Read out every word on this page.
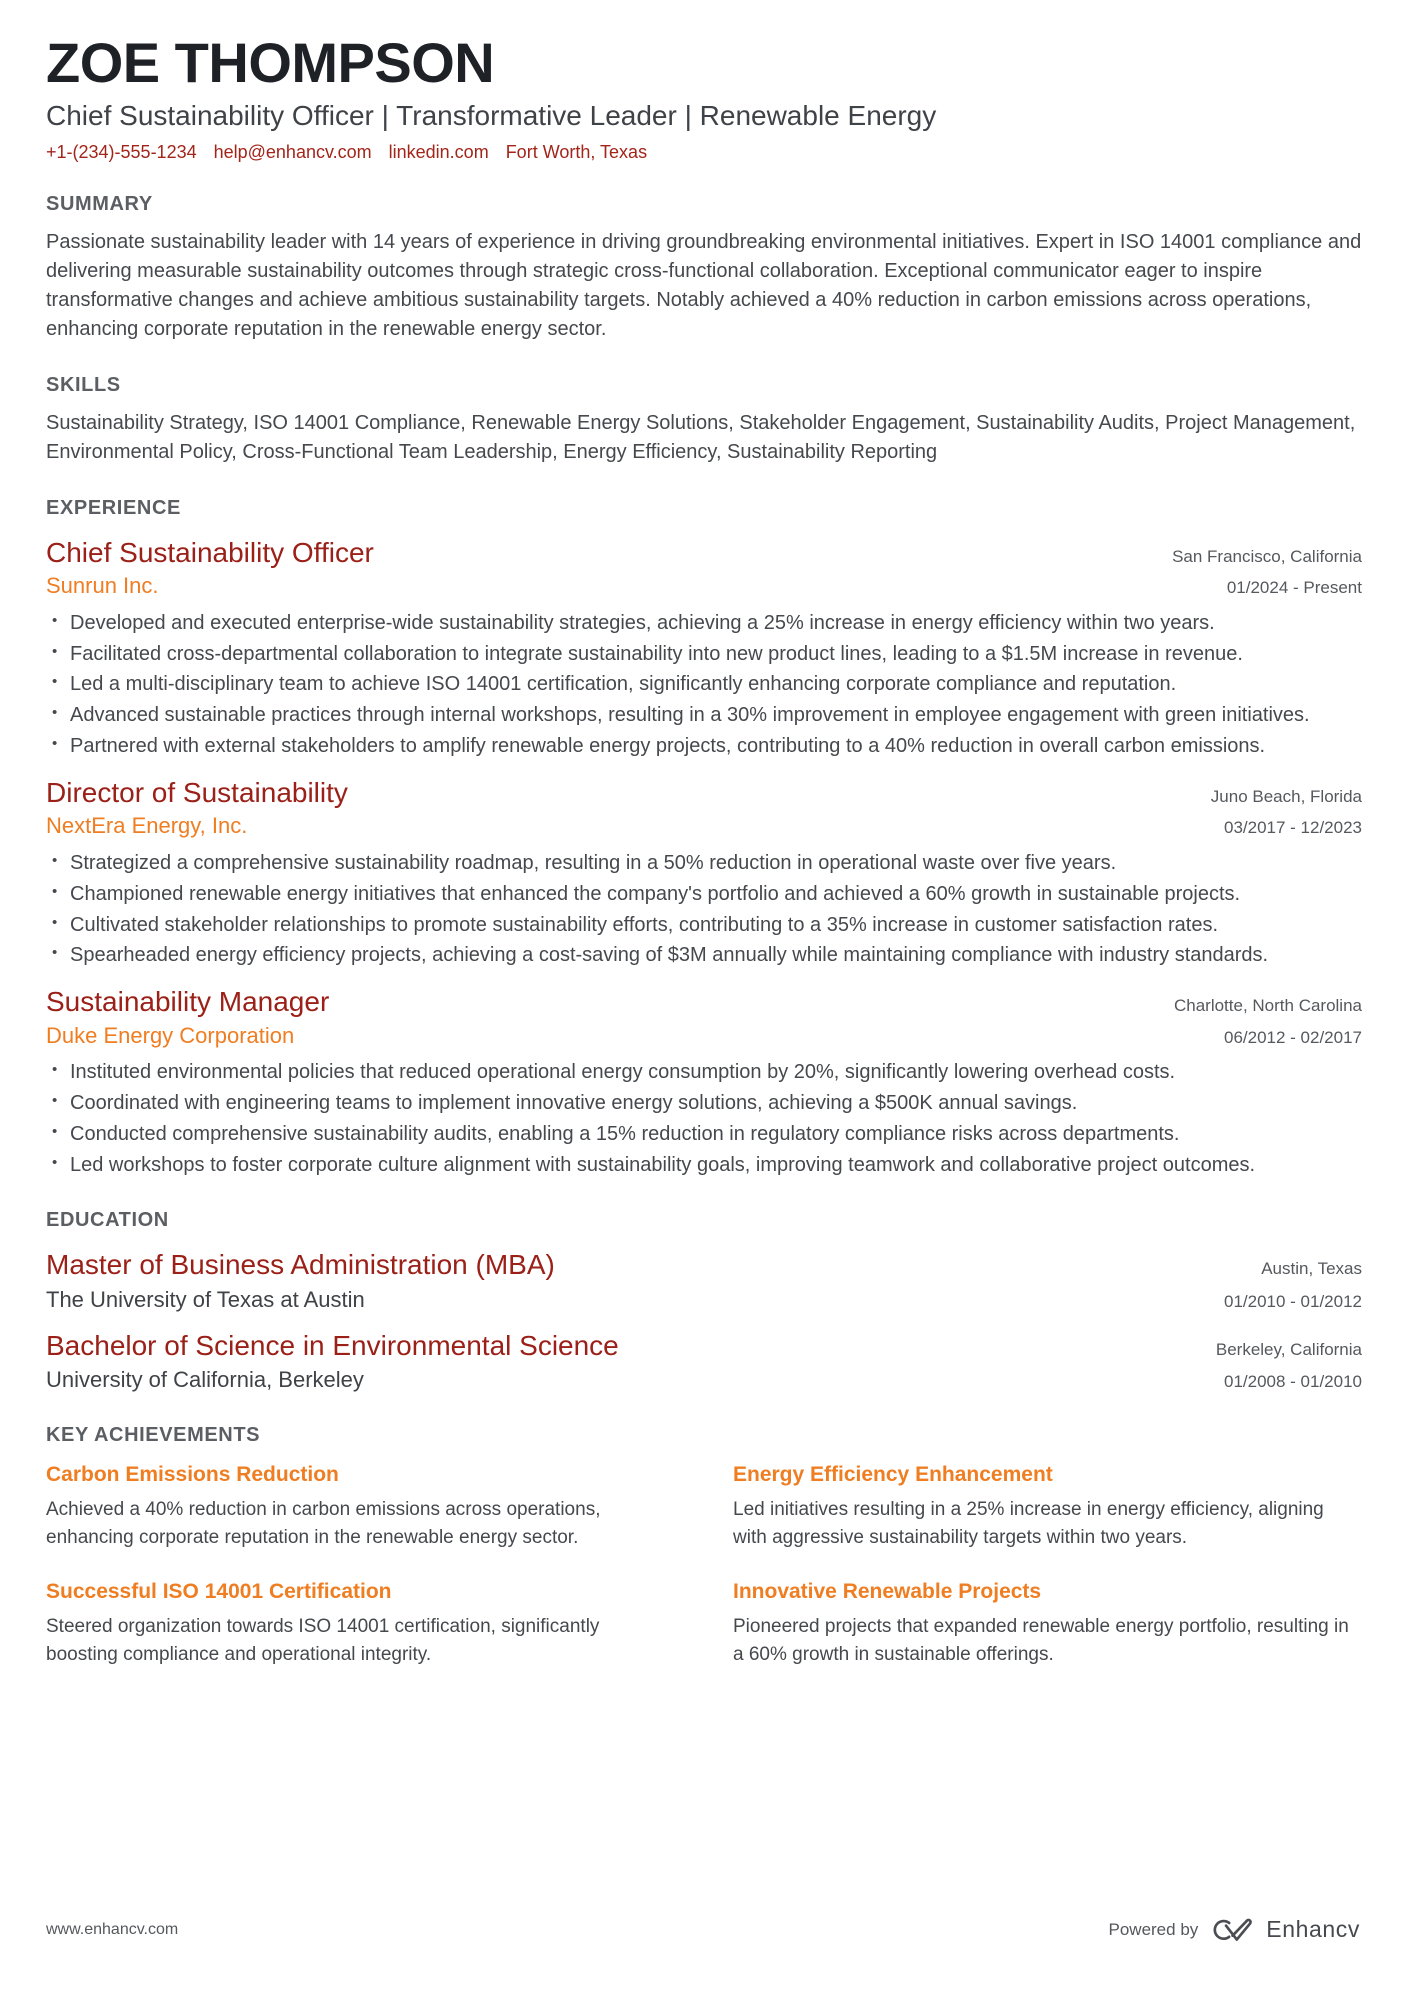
ZOE THOMPSON
Chief Sustainability Officer | Transformative Leader | Renewable Energy
+1-(234)-555-1234 help@enhancv.com linkedin.com Fort Worth, Texas
SUMMARY
Passionate sustainability leader with 14 years of experience in driving groundbreaking environmental initiatives. Expert in ISO 14001 compliance and delivering measurable sustainability outcomes through strategic cross-functional collaboration. Exceptional communicator eager to inspire transformative changes and achieve ambitious sustainability targets. Notably achieved a 40% reduction in carbon emissions across operations, enhancing corporate reputation in the renewable energy sector.
SKILLS
Sustainability Strategy, ISO 14001 Compliance, Renewable Energy Solutions, Stakeholder Engagement, Sustainability Audits, Project Management, Environmental Policy, Cross-Functional Team Leadership, Energy Efficiency, Sustainability Reporting
EXPERIENCE
Chief Sustainability Officer	San Francisco, California
Sunrun Inc.	01/2024 - Present
• Developed and executed enterprise-wide sustainability strategies, achieving a 25% increase in energy efficiency within two years.
• Facilitated cross-departmental collaboration to integrate sustainability into new product lines, leading to a $1.5M increase in revenue.
• Led a multi-disciplinary team to achieve ISO 14001 certification, significantly enhancing corporate compliance and reputation.
• Advanced sustainable practices through internal workshops, resulting in a 30% improvement in employee engagement with green initiatives.
• Partnered with external stakeholders to amplify renewable energy projects, contributing to a 40% reduction in overall carbon emissions.
Director of Sustainability	Juno Beach, Florida
NextEra Energy, Inc.	03/2017 - 12/2023
• Strategized a comprehensive sustainability roadmap, resulting in a 50% reduction in operational waste over five years.
• Championed renewable energy initiatives that enhanced the company's portfolio and achieved a 60% growth in sustainable projects.
• Cultivated stakeholder relationships to promote sustainability efforts, contributing to a 35% increase in customer satisfaction rates.
• Spearheaded energy efficiency projects, achieving a cost-saving of $3M annually while maintaining compliance with industry standards.
Sustainability Manager	Charlotte, North Carolina
Duke Energy Corporation	06/2012 - 02/2017
• Instituted environmental policies that reduced operational energy consumption by 20%, significantly lowering overhead costs.
• Coordinated with engineering teams to implement innovative energy solutions, achieving a $500K annual savings.
• Conducted comprehensive sustainability audits, enabling a 15% reduction in regulatory compliance risks across departments.
• Led workshops to foster corporate culture alignment with sustainability goals, improving teamwork and collaborative project outcomes.
EDUCATION
Master of Business Administration (MBA)	Austin, Texas
The University of Texas at Austin	01/2010 - 01/2012
Bachelor of Science in Environmental Science	Berkeley, California
University of California, Berkeley	01/2008 - 01/2010
KEY ACHIEVEMENTS
Carbon Emissions Reduction
Achieved a 40% reduction in carbon emissions across operations, enhancing corporate reputation in the renewable energy sector.
Energy Efficiency Enhancement
Led initiatives resulting in a 25% increase in energy efficiency, aligning with aggressive sustainability targets within two years.
Successful ISO 14001 Certification
Steered organization towards ISO 14001 certification, significantly boosting compliance and operational integrity.
Innovative Renewable Projects
Pioneered projects that expanded renewable energy portfolio, resulting in a 60% growth in sustainable offerings.
www.enhancv.com	Powered by	Enhancv
